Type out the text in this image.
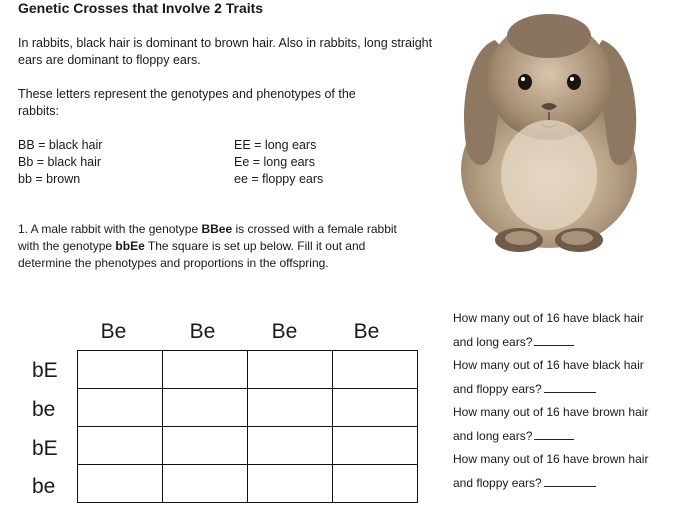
Genetic Crosses that Involve 2 Traits
In rabbits, black hair is dominant to brown hair. Also in rabbits, long straight ears are dominant to floppy ears.
These letters represent the genotypes and phenotypes of the rabbits:
BB = black hair
Bb = black hair
bb = brown
EE = long ears
Ee = long ears
ee = floppy ears
1. A male rabbit with the genotype BBee is crossed with a female rabbit with the genotype bbEe The square is set up below. Fill it out and determine the phenotypes and proportions in the offspring.
Be	Be	Be	Be
bE
be
bE
be

How many out of 16 have black hair
and long ears?
How many out of 16 have black hair
and floppy ears?
How many out of 16 have brown hair
and long ears?
How many out of 16 have brown hair
and floppy ears?
